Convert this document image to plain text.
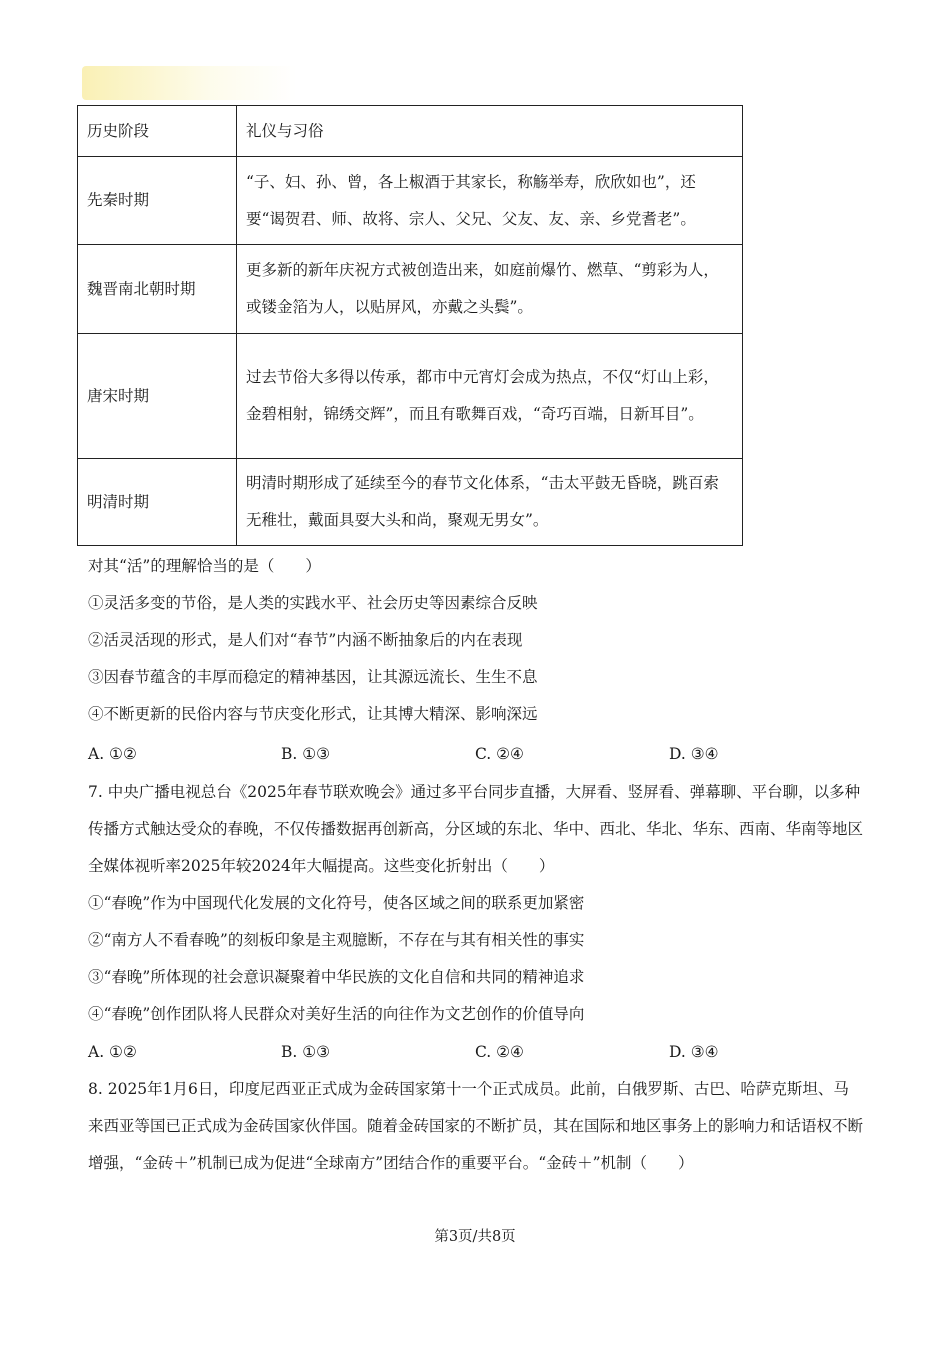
历史阶段	礼仪与习俗
先秦时期	“子、妇、孙、曾，各上椒酒于其家长，称觞举寿，欣欣如也”，还要“谒贺君、师、故将、宗人、父兄、父友、友、亲、乡党耆老”。
魏晋南北朝时期	更多新的新年庆祝方式被创造出来，如庭前爆竹、燃草、“剪彩为人，或镂金箔为人，以贴屏风，亦戴之头鬓”。
唐宋时期	过去节俗大多得以传承，都市中元宵灯会成为热点，不仅“灯山上彩，金碧相射，锦绣交辉”，而且有歌舞百戏，“奇巧百端，日新耳目”。
明清时期	明清时期形成了延续至今的春节文化体系，“击太平鼓无昏晓，跳百索无稚壮，戴面具耍大头和尚，聚观无男女”。
对其“活”的理解恰当的是（　　）
①灵活多变的节俗，是人类的实践水平、社会历史等因素综合反映
②活灵活现的形式，是人们对“春节”内涵不断抽象后的内在表现
③因春节蕴含的丰厚而稳定的精神基因，让其源远流长、生生不息
④不断更新的民俗内容与节庆变化形式，让其博大精深、影响深远
A. ①②	B. ①③	C. ②④	D. ③④
7. 中央广播电视总台《2025年春节联欢晚会》通过多平台同步直播，大屏看、竖屏看、弹幕聊、平台聊，以多种传播方式触达受众的春晚，不仅传播数据再创新高，分区域的东北、华中、西北、华北、华东、西南、华南等地区全媒体视听率2025年较2024年大幅提高。这些变化折射出（　　）
①“春晚”作为中国现代化发展的文化符号，使各区域之间的联系更加紧密
②“南方人不看春晚”的刻板印象是主观臆断，不存在与其有相关性的事实
③“春晚”所体现的社会意识凝聚着中华民族的文化自信和共同的精神追求
④“春晚”创作团队将人民群众对美好生活的向往作为文艺创作的价值导向
A. ①②	B. ①③	C. ②④	D. ③④
8. 2025年1月6日，印度尼西亚正式成为金砖国家第十一个正式成员。此前，白俄罗斯、古巴、哈萨克斯坦、马来西亚等国已正式成为金砖国家伙伴国。随着金砖国家的不断扩员，其在国际和地区事务上的影响力和话语权不断增强，“金砖＋”机制已成为促进“全球南方”团结合作的重要平台。“金砖＋”机制（　　）
第3页/共8页
